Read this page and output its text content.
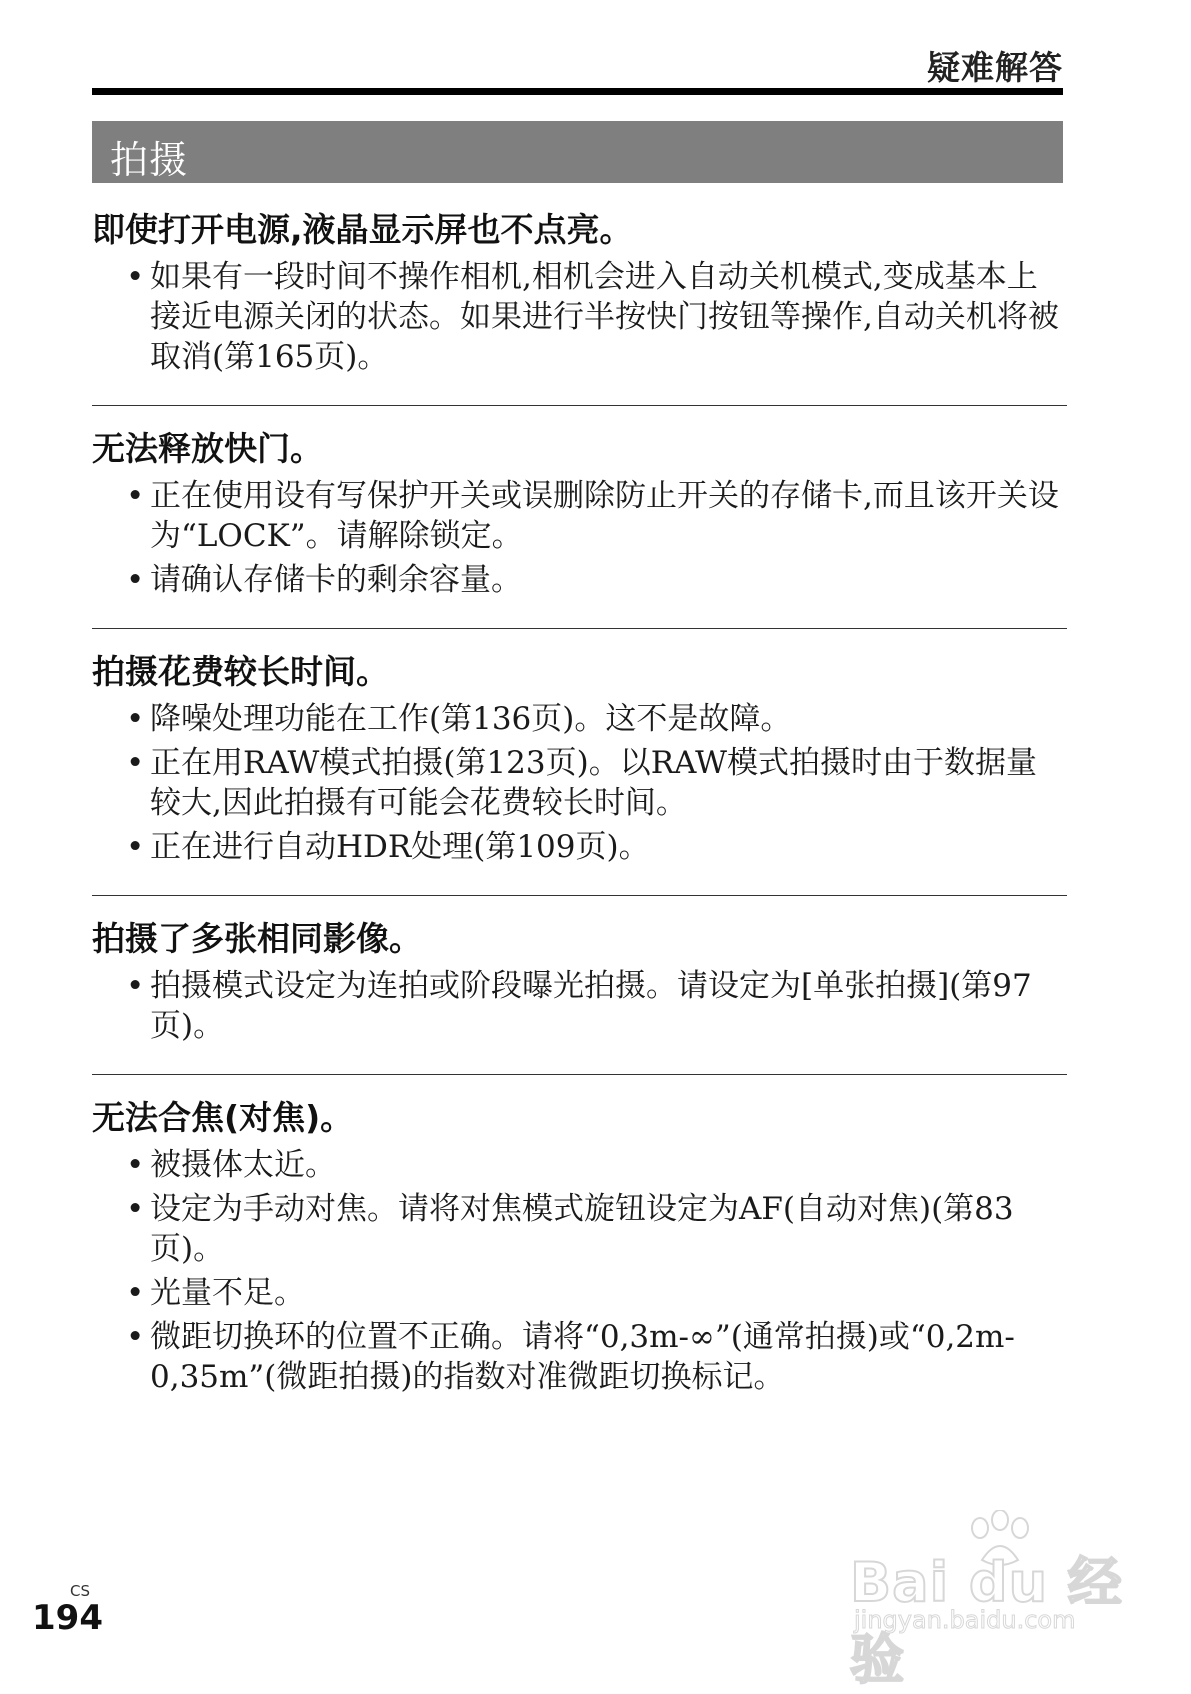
疑难解答
拍摄
即使打开电源,液晶显示屏也不点亮。
• 如果有一段时间不操作相机,相机会进入自动关机模式,变成基本上接近电源关闭的状态。如果进行半按快门按钮等操作,自动关机将被取消(第165页)。
无法释放快门。
• 正在使用设有写保护开关或误删除防止开关的存储卡,而且该开关设为“LOCK”。请解除锁定。
• 请确认存储卡的剩余容量。
拍摄花费较长时间。
• 降噪处理功能在工作(第136页)。这不是故障。
• 正在用RAW模式拍摄(第123页)。以RAW模式拍摄时由于数据量较大,因此拍摄有可能会花费较长时间。
• 正在进行自动HDR处理(第109页)。
拍摄了多张相同影像。
• 拍摄模式设定为连拍或阶段曝光拍摄。请设定为[单张拍摄](第97页)。
无法合焦(对焦)。
• 被摄体太近。
• 设定为手动对焦。请将对焦模式旋钮设定为AF(自动对焦)(第83页)。
• 光量不足。
• 微距切换环的位置不正确。请将“0,3m-∞”(通常拍摄)或“0,2m-0,35m”(微距拍摄)的指数对准微距切换标记。
CS
194
Bai du 经验
jingyan.baidu.com
